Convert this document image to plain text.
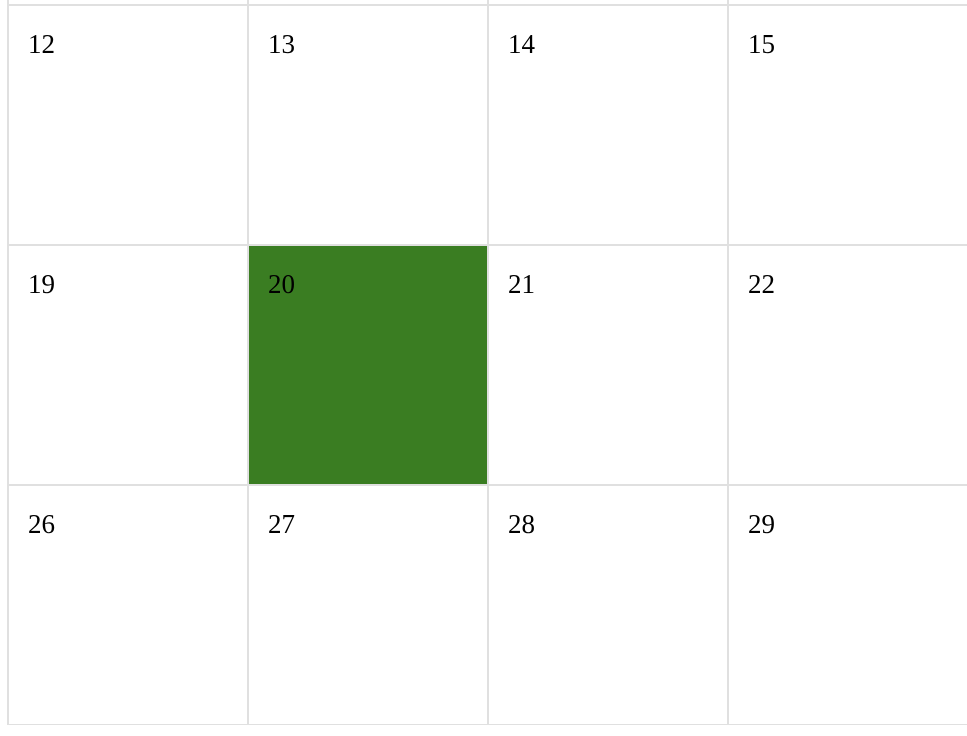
12	13	14	15
19	20	21	22
26	27	28	29
